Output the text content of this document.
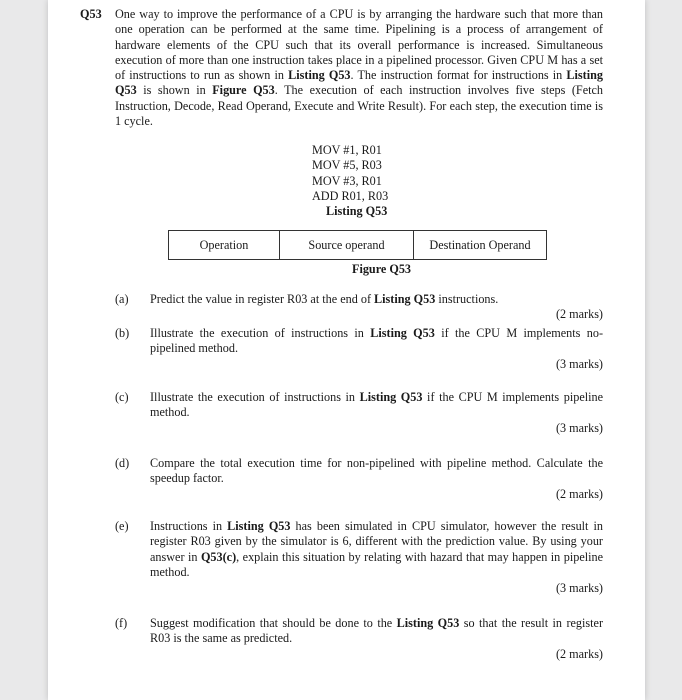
Q53 One way to improve the performance of a CPU is by arranging the hardware such that more than one operation can be performed at the same time. Pipelining is a process of arrangement of hardware elements of the CPU such that its overall performance is increased. Simultaneous execution of more than one instruction takes place in a pipelined processor. Given CPU M has a set of instructions to run as shown in Listing Q53. The instruction format for instructions in Listing Q53 is shown in Figure Q53. The execution of each instruction involves five steps (Fetch Instruction, Decode, Read Operand, Execute and Write Result). For each step, the execution time is 1 cycle.

MOV #1, R01
MOV #5, R03
MOV #3, R01
ADD R01, R03
Listing Q53
Operation	Source operand	Destination Operand
Figure Q53
(a) Predict the value in register R03 at the end of Listing Q53 instructions.
(2 marks)
(b) Illustrate the execution of instructions in Listing Q53 if the CPU M implements no-pipelined method.
(3 marks)
(c) Illustrate the execution of instructions in Listing Q53 if the CPU M implements pipeline method.
(3 marks)
(d) Compare the total execution time for non-pipelined with pipeline method. Calculate the speedup factor.
(2 marks)
(e) Instructions in Listing Q53 has been simulated in CPU simulator, however the result in register R03 given by the simulator is 6, different with the prediction value. By using your answer in Q53(c), explain this situation by relating with hazard that may happen in pipeline method.
(3 marks)
(f) Suggest modification that should be done to the Listing Q53 so that the result in register R03 is the same as predicted.
(2 marks)
